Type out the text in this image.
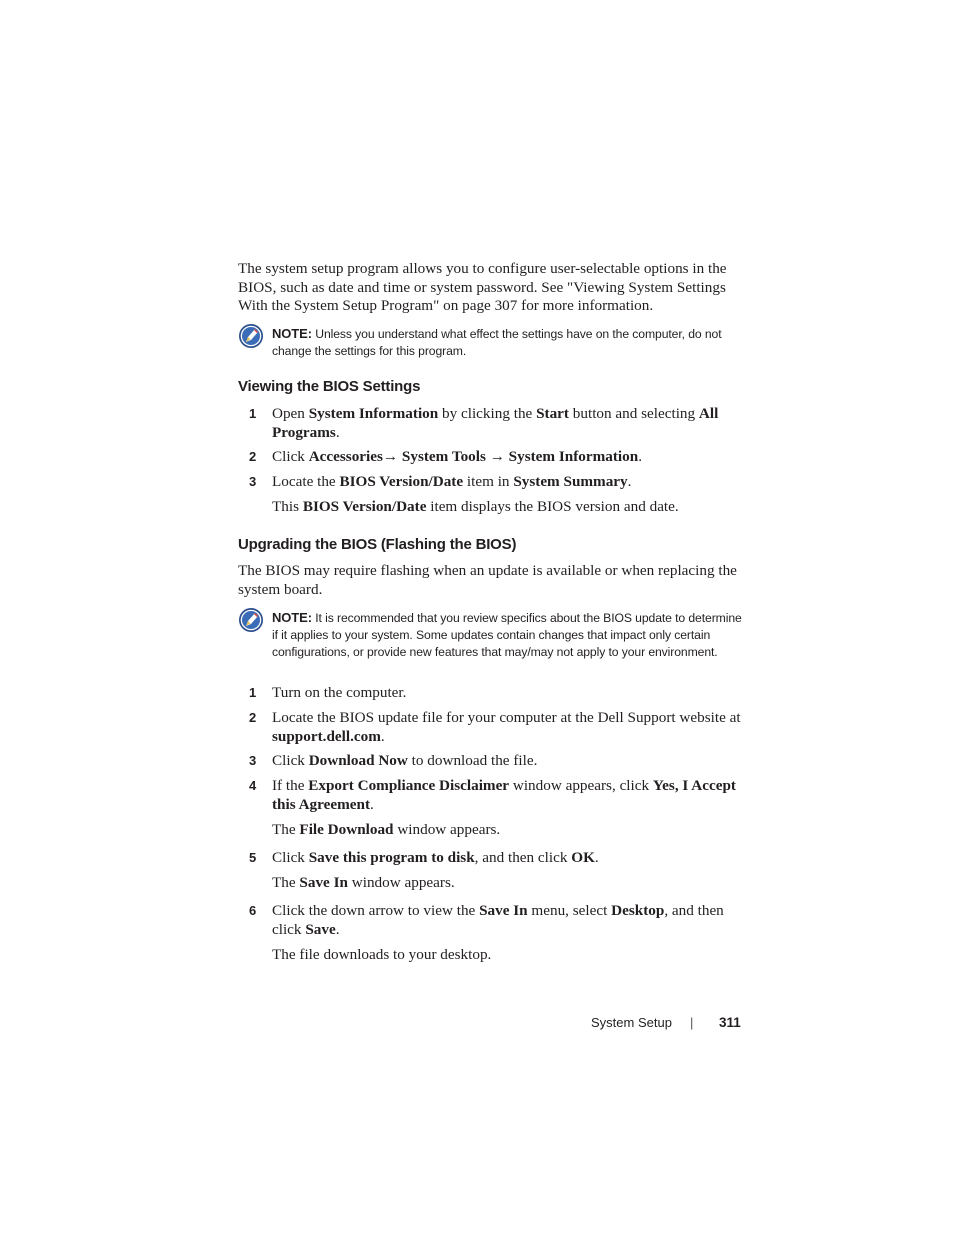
The system setup program allows you to configure user-selectable options in the BIOS, such as date and time or system password. See "Viewing System Settings With the System Setup Program" on page 307 for more information.
NOTE: Unless you understand what effect the settings have on the computer, do not change the settings for this program.
Viewing the BIOS Settings
1 Open System Information by clicking the Start button and selecting All Programs.
2 Click Accessories→ System Tools → System Information.
3 Locate the BIOS Version/Date item in System Summary.
This BIOS Version/Date item displays the BIOS version and date.
Upgrading the BIOS (Flashing the BIOS)
The BIOS may require flashing when an update is available or when replacing the system board.
NOTE: It is recommended that you review specifics about the BIOS update to determine if it applies to your system. Some updates contain changes that impact only certain configurations, or provide new features that may/may not apply to your environment.
1 Turn on the computer.
2 Locate the BIOS update file for your computer at the Dell Support website at support.dell.com.
3 Click Download Now to download the file.
4 If the Export Compliance Disclaimer window appears, click Yes, I Accept this Agreement.
The File Download window appears.
5 Click Save this program to disk, and then click OK.
The Save In window appears.
6 Click the down arrow to view the Save In menu, select Desktop, and then click Save.
The file downloads to your desktop.
System Setup | 311
